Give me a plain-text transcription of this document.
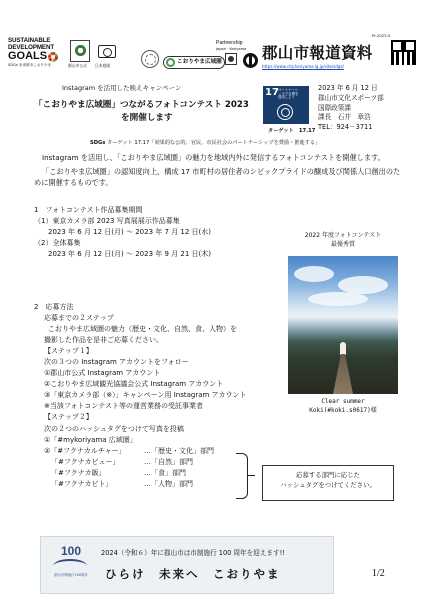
SUSTAINABLE
DEVELOPMENT
GOALS
SDGs 未来都市こおりやま	郡山市公式 日本庭園
こおりやま広域圏
Partnership
Japan · Koriyama
Pr-2023-5
郡山市報道資料
https://www.city.koriyama.lg.jp/site/sdgs/
Instagram を活用した映えキャンペーン
「こおりやま広域圏」つながるフォトコンテスト 2023
を開催します
17 パートナーシップで目標を達成しよう
ターゲット　17.17
2023 年 6 月 12 日
郡山市文化スポーツ部
国際政策課
課長　石井　章浩
TEL：924－3711
SDGs ターゲット 17.17「効果的な公的、官民、市民社会のパートナーシップを奨励・推進する」

Instagram を活用し、「こおりやま広域圏」の魅力を地域内外に発信するフォトコンテストを開催します。

「こおりやま広域圏」の認知度向上、構成 17 市町村の居住者のシビックプライドの醸成及び関係人口創出のために開催するものです。

1　フォトコンテスト作品募集期間
（1）東京カメラ部 2023 写真展展示作品募集
2023 年 6 月 12 日(月) ～ 2023 年 7 月 12 日(水)
（2）全体募集
2023 年 6 月 12 日(月) ～ 2023 年 9 月 21 日(木)
2022 年度フォトコンテスト
最優秀賞
Clear summer
Koki(#koki.s0617)様
2　応募方法
応募までの２ステップ
こおりやま広域圏の魅力（歴史・文化、自然、食、人物）を
撮影した作品を是非ご応募ください。
【ステップ１】
次の３つの Instagram アカウントをフォロー
①郡山市公式 Instagram アカウント
②こおりやま広域観光協議会公式 Instagram アカウント
③「東京カメラ部（※）」キャンペーン用 Instagram アカウント
※当該フォトコンテスト等の運営業務の受託事業者
【ステップ２】
次の２つのハッシュタグをつけて写真を投稿
①「#mykoriyama 広域圏」
②「#フクナカルチャー」	…「歴史・文化」部門
「#フクナカビュー」	…「自然」部門
「#フクナカ飯」	…「食」部門
「#フクナカビト」	…「人物」部門
応募する部門に応じた
ハッシュタグをつけてください。
100
郡山市制施行100周年
2024（令和６）年に郡山市は市制施行 100 周年を迎えます!!
ひらけ　未来へ　こおりやま	1/2
